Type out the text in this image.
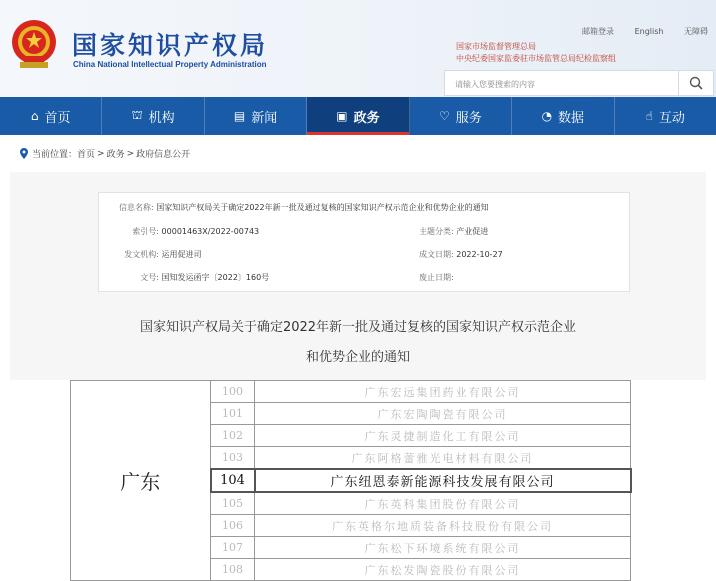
国家知识产权局
China National Intellectual Property Administration
邮箱登录	English	无障碍
国家市场监督管理总局
中央纪委国家监委驻市场监管总局纪检监察组
请输入您要搜索的内容
⌂ 首页	⛫ 机构	▤ 新闻	▣ 政务	♡ 服务	◔ 数据	☝ 互动
当前位置： 首页 > 政务 > 政府信息公开
信息名称: 国家知识产权局关于确定2022年新一批及通过复核的国家知识产权示范企业和优势企业的通知
索引号: 00001463X/2022-00743	主题分类: 产业促进
发文机构: 运用促进司	成文日期: 2022-10-27
文号: 国知发运函字〔2022〕160号	废止日期:
国家知识产权局关于确定2022年新一批及通过复核的国家知识产权示范企业
和优势企业的通知
广东	100	广东宏远集团药业有限公司
	101	广东宏陶陶瓷有限公司
	102	广东灵捷制造化工有限公司
	103	广东阿格蕾雅光电材料有限公司
	104	广东纽恩泰新能源科技发展有限公司
	105	广东英科集团股份有限公司
	106	广东英格尔地质装备科技股份有限公司
	107	广东松下环境系统有限公司
	108	广东松发陶瓷股份有限公司
